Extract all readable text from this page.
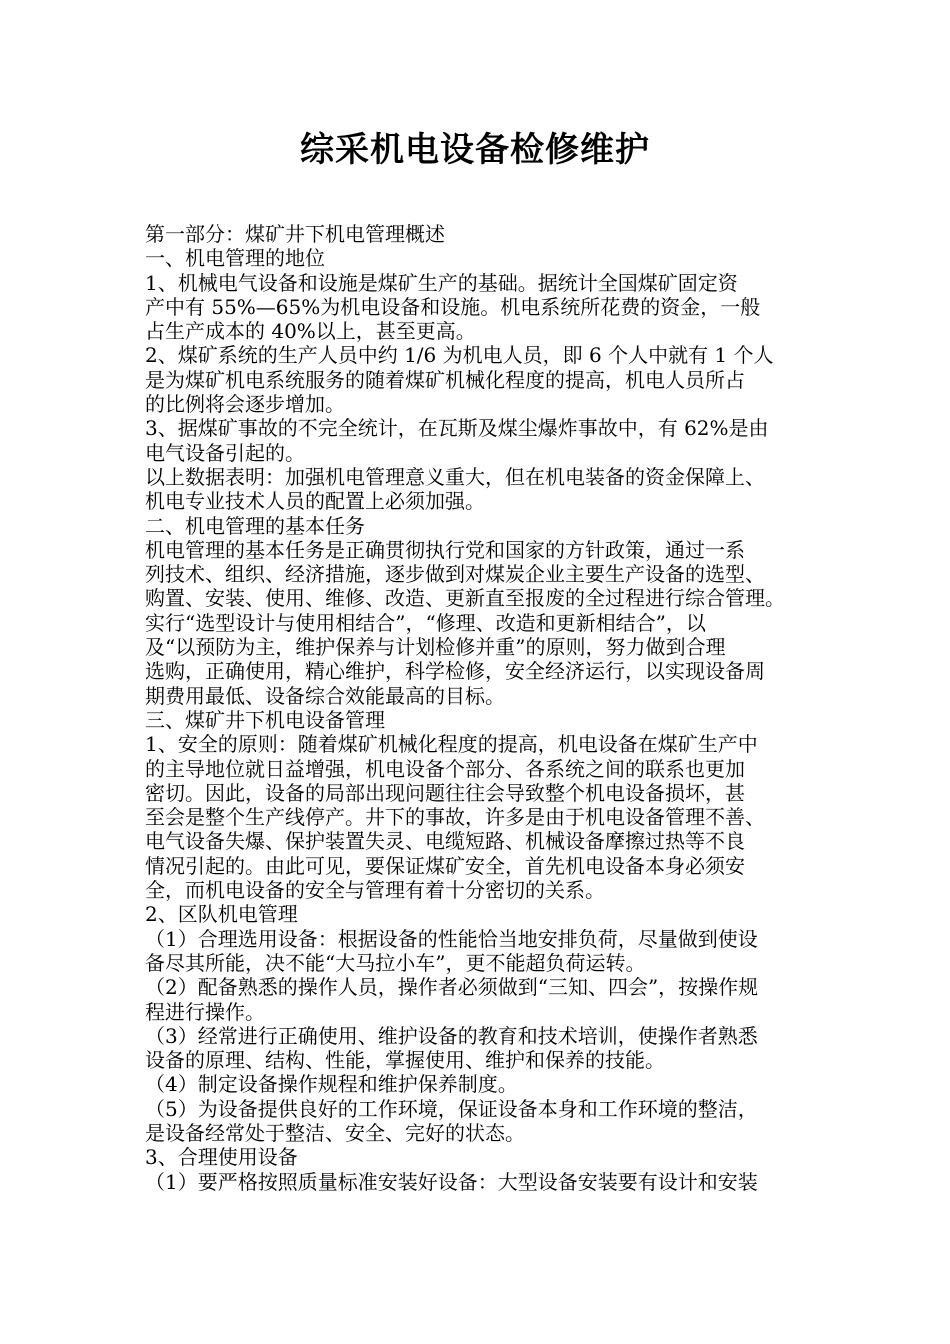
综采机电设备检修维护
第一部分：煤矿井下机电管理概述
一、机电管理的地位
1、机械电气设备和设施是煤矿生产的基础。据统计全国煤矿固定资
产中有 55%—65%为机电设备和设施。机电系统所花费的资金，一般
占生产成本的 40%以上，甚至更高。
2、煤矿系统的生产人员中约 1/6 为机电人员，即 6 个人中就有 1 个人
是为煤矿机电系统服务的随着煤矿机械化程度的提高，机电人员所占
的比例将会逐步增加。
3、据煤矿事故的不完全统计，在瓦斯及煤尘爆炸事故中，有 62%是由
电气设备引起的。
以上数据表明：加强机电管理意义重大，但在机电装备的资金保障上、
机电专业技术人员的配置上必须加强。
二、机电管理的基本任务
机电管理的基本任务是正确贯彻执行党和国家的方针政策，通过一系
列技术、组织、经济措施，逐步做到对煤炭企业主要生产设备的选型、
购置、安装、使用、维修、改造、更新直至报废的全过程进行综合管理。
实行“选型设计与使用相结合”，“修理、改造和更新相结合”，以
及“以预防为主，维护保养与计划检修并重”的原则，努力做到合理
选购，正确使用，精心维护，科学检修，安全经济运行，以实现设备周
期费用最低、设备综合效能最高的目标。
三、煤矿井下机电设备管理
1、安全的原则：随着煤矿机械化程度的提高，机电设备在煤矿生产中
的主导地位就日益增强，机电设备个部分、各系统之间的联系也更加
密切。因此，设备的局部出现问题往往会导致整个机电设备损坏，甚
至会是整个生产线停产。井下的事故，许多是由于机电设备管理不善、
电气设备失爆、保护装置失灵、电缆短路、机械设备摩擦过热等不良
情况引起的。由此可见，要保证煤矿安全，首先机电设备本身必须安
全，而机电设备的安全与管理有着十分密切的关系。
2、区队机电管理
（1）合理选用设备：根据设备的性能恰当地安排负荷，尽量做到使设
备尽其所能，决不能“大马拉小车”，更不能超负荷运转。
（2）配备熟悉的操作人员，操作者必须做到“三知、四会”，按操作规
程进行操作。
（3）经常进行正确使用、维护设备的教育和技术培训，使操作者熟悉
设备的原理、结构、性能，掌握使用、维护和保养的技能。
（4）制定设备操作规程和维护保养制度。
（5）为设备提供良好的工作环境，保证设备本身和工作环境的整洁，
是设备经常处于整洁、安全、完好的状态。
3、合理使用设备
（1）要严格按照质量标准安装好设备：大型设备安装要有设计和安装
